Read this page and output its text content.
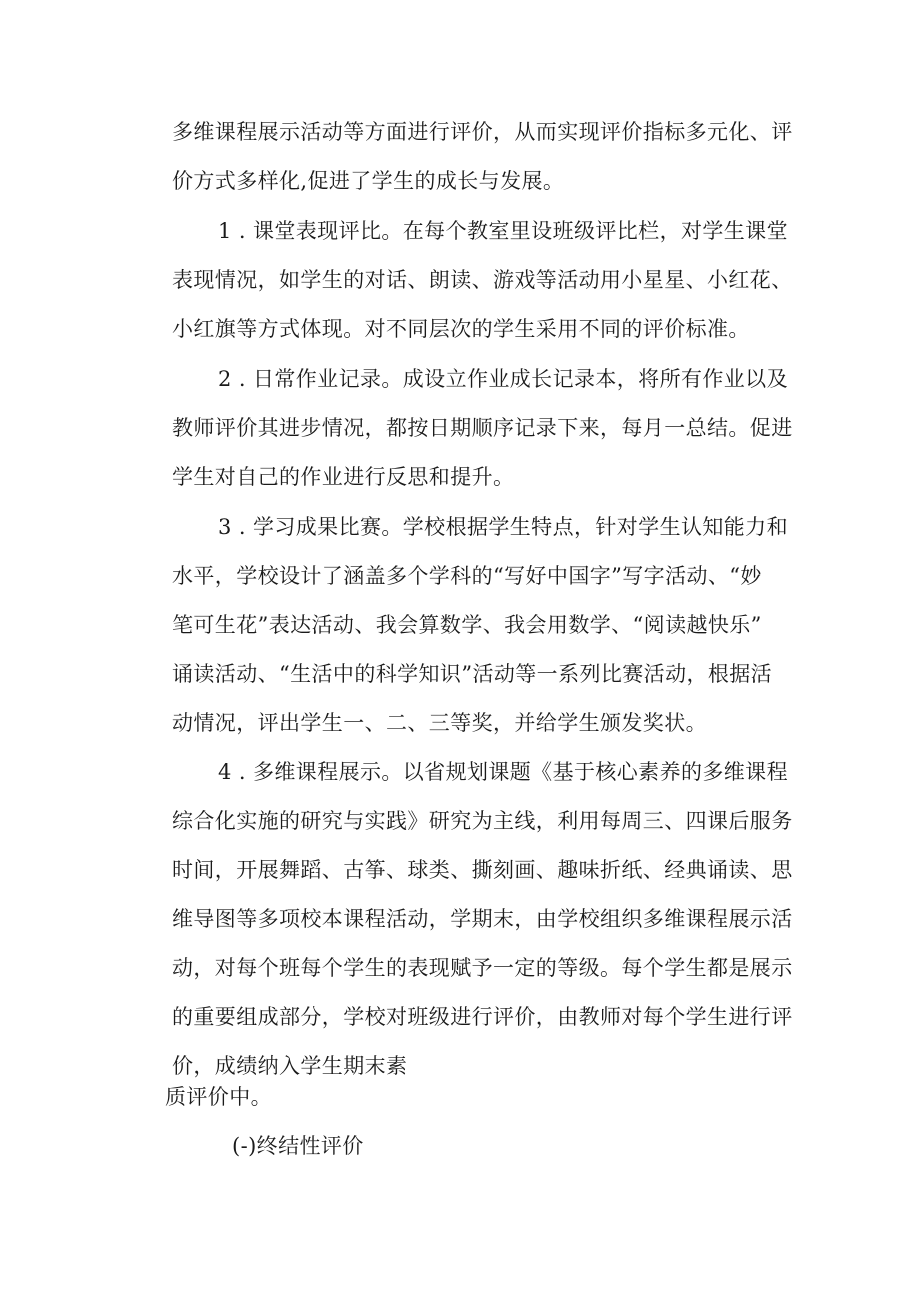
多维课程展示活动等方面进行评价，从而实现评价指标多元化、评
价方式多样化,促进了学生的成长与发展。
1 . 课堂表现评比。在每个教室里设班级评比栏，对学生课堂
表现情况，如学生的对话、朗读、游戏等活动用小星星、小红花、
小红旗等方式体现。对不同层次的学生采用不同的评价标准。
2 . 日常作业记录。成设立作业成长记录本，将所有作业以及
教师评价其进步情况，都按日期顺序记录下来，每月一总结。促进
学生对自己的作业进行反思和提升。
3 . 学习成果比赛。学校根据学生特点，针对学生认知能力和
水平，学校设计了涵盖多个学科的“写好中国字”写字活动、“妙
笔可生花”表达活动、我会算数学、我会用数学、“阅读越快乐”
诵读活动、“生活中的科学知识”活动等一系列比赛活动，根据活
动情况，评出学生一、二、三等奖，并给学生颁发奖状。
4 . 多维课程展示。以省规划课题《基于核心素养的多维课程
综合化实施的研究与实践》研究为主线，利用每周三、四课后服务
时间，开展舞蹈、古筝、球类、撕刻画、趣味折纸、经典诵读、思
维导图等多项校本课程活动，学期末，由学校组织多维课程展示活
动，对每个班每个学生的表现赋予一定的等级。每个学生都是展示
的重要组成部分，学校对班级进行评价，由教师对每个学生进行评
价，成绩纳入学生期末素
质评价中。
(-)终结性评价
